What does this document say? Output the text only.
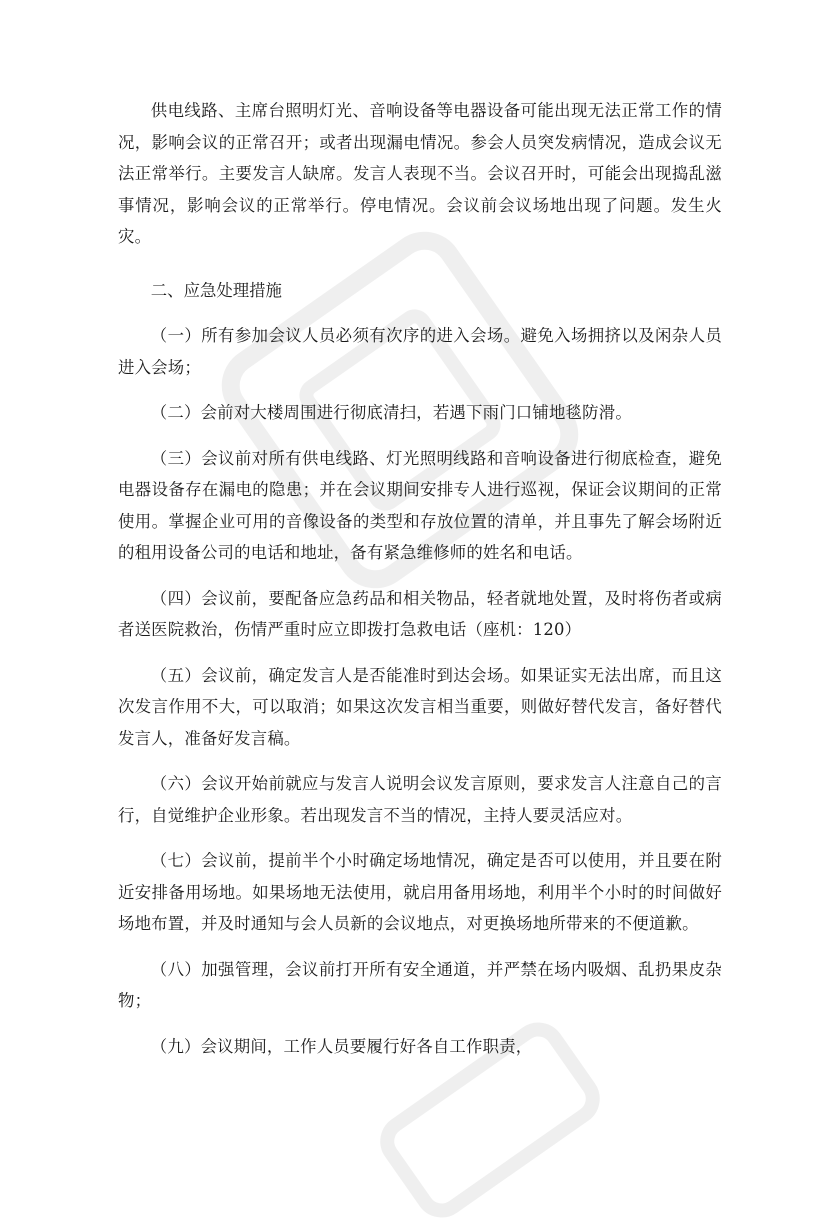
供电线路、主席台照明灯光、音响设备等电器设备可能出现无法正常工作的情况，影响会议的正常召开；或者出现漏电情况。参会人员突发病情况，造成会议无法正常举行。主要发言人缺席。发言人表现不当。会议召开时，可能会出现捣乱滋事情况，影响会议的正常举行。停电情况。会议前会议场地出现了问题。发生火灾。

二、应急处理措施

（一）所有参加会议人员必须有次序的进入会场。避免入场拥挤以及闲杂人员进入会场；

（二）会前对大楼周围进行彻底清扫，若遇下雨门口铺地毯防滑。

（三）会议前对所有供电线路、灯光照明线路和音响设备进行彻底检查，避免电器设备存在漏电的隐患；并在会议期间安排专人进行巡视，保证会议期间的正常使用。掌握企业可用的音像设备的类型和存放位置的清单，并且事先了解会场附近的租用设备公司的电话和地址，备有紧急维修师的姓名和电话。

（四）会议前，要配备应急药品和相关物品，轻者就地处置，及时将伤者或病者送医院救治，伤情严重时应立即拨打急救电话（座机：120）

（五）会议前，确定发言人是否能准时到达会场。如果证实无法出席，而且这次发言作用不大，可以取消；如果这次发言相当重要，则做好替代发言，备好替代发言人，准备好发言稿。

（六）会议开始前就应与发言人说明会议发言原则，要求发言人注意自己的言行，自觉维护企业形象。若出现发言不当的情况，主持人要灵活应对。

（七）会议前，提前半个小时确定场地情况，确定是否可以使用，并且要在附近安排备用场地。如果场地无法使用，就启用备用场地，利用半个小时的时间做好场地布置，并及时通知与会人员新的会议地点，对更换场地所带来的不便道歉。

（八）加强管理，会议前打开所有安全通道，并严禁在场内吸烟、乱扔果皮杂物；

（九）会议期间，工作人员要履行好各自工作职责，
